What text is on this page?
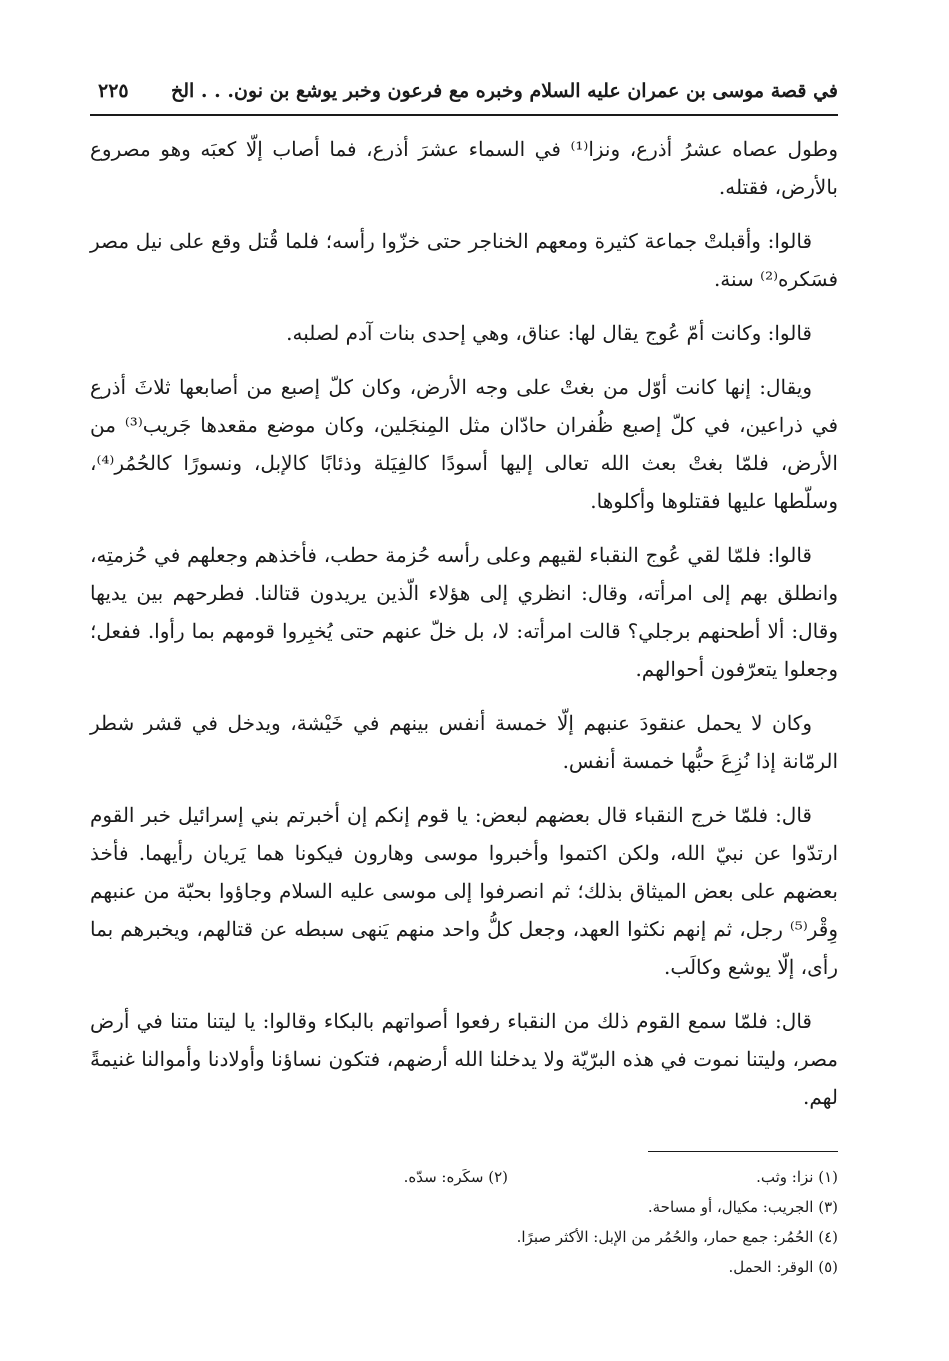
في قصة موسى بن عمران عليه السلام وخبره مع فرعون وخبر يوشع بن نون. . . الخ
٢٢٥

وطول عصاه عشرُ أذرع، ونزا⁽¹⁾ في السماء عشرَ أذرع، فما أصاب إلّا كعبَه وهو مصروع بالأرض، فقتله.

قالوا: وأقبلتْ جماعة كثيرة ومعهم الخناجر حتى خزّوا رأسه؛ فلما قُتل وقع على نيل مصر فسَكره⁽²⁾ سنة.

قالوا: وكانت أمّ عُوج يقال لها: عناق، وهي إحدى بنات آدم لصلبه.

ويقال: إنها كانت أوّل من بغتْ على وجه الأرض، وكان كلّ إصبع من أصابعها ثلاثَ أذرع في ذراعين، في كلّ إصبع ظُفران حادّان مثل المِنجَلين، وكان موضع مقعدها جَريب⁽³⁾ من الأرض، فلمّا بغتْ بعث الله تعالى إليها أسودًا كالفِيَلة وذئابًا كالإبل، ونسورًا كالحُمُر⁽⁴⁾، وسلّطها عليها فقتلوها وأكلوها.

قالوا: فلمّا لقي عُوج النقباء لقيهم وعلى رأسه حُزمة حطب، فأخذهم وجعلهم في حُزمتِه، وانطلق بهم إلى امرأته، وقال: انظري إلى هؤلاء الّذين يريدون قتالنا. فطرحهم بين يديها وقال: ألا أطحنهم برجلي؟ قالت امرأته: لا، بل خلّ عنهم حتى يُخبِروا قومهم بما رأوا. ففعل؛ وجعلوا يتعرّفون أحوالهم.

وكان لا يحمل عنقودَ عنبهم إلّا خمسة أنفس بينهم في خَيْشة، ويدخل في قشر شطر الرمّانة إذا نُزِعَ حبُّها خمسة أنفس.

قال: فلمّا خرج النقباء قال بعضهم لبعض: يا قوم إنكم إن أخبرتم بني إسرائيل خبر القوم ارتدّوا عن نبيّ الله، ولكن اكتموا وأخبروا موسى وهارون فيكونا هما يَريان رأيهما. فأخذ بعضهم على بعض الميثاق بذلك؛ ثم انصرفوا إلى موسى عليه السلام وجاؤوا بحبّة من عنبهم وِقْر⁽⁵⁾ رجل، ثم إنهم نكثوا العهد، وجعل كلُّ واحد منهم يَنهى سبطه عن قتالهم، ويخبرهم بما رأى، إلّا يوشع وكالَب.

قال: فلمّا سمع القوم ذلك من النقباء رفعوا أصواتهم بالبكاء وقالوا: يا ليتنا متنا في أرض مصر، وليتنا نموت في هذه البرّيّة ولا يدخلنا الله أرضهم، فتكون نساؤنا وأولادنا وأموالنا غنيمةً لهم.

(١) نزا: وثب.
(٢) سكَره: سدّه.
(٣) الجريب: مكيال، أو مساحة.
(٤) الحُمُر: جمع حمار، والحُمُر من الإبل: الأكثر صبرًا.
(٥) الوقر: الحمل.
